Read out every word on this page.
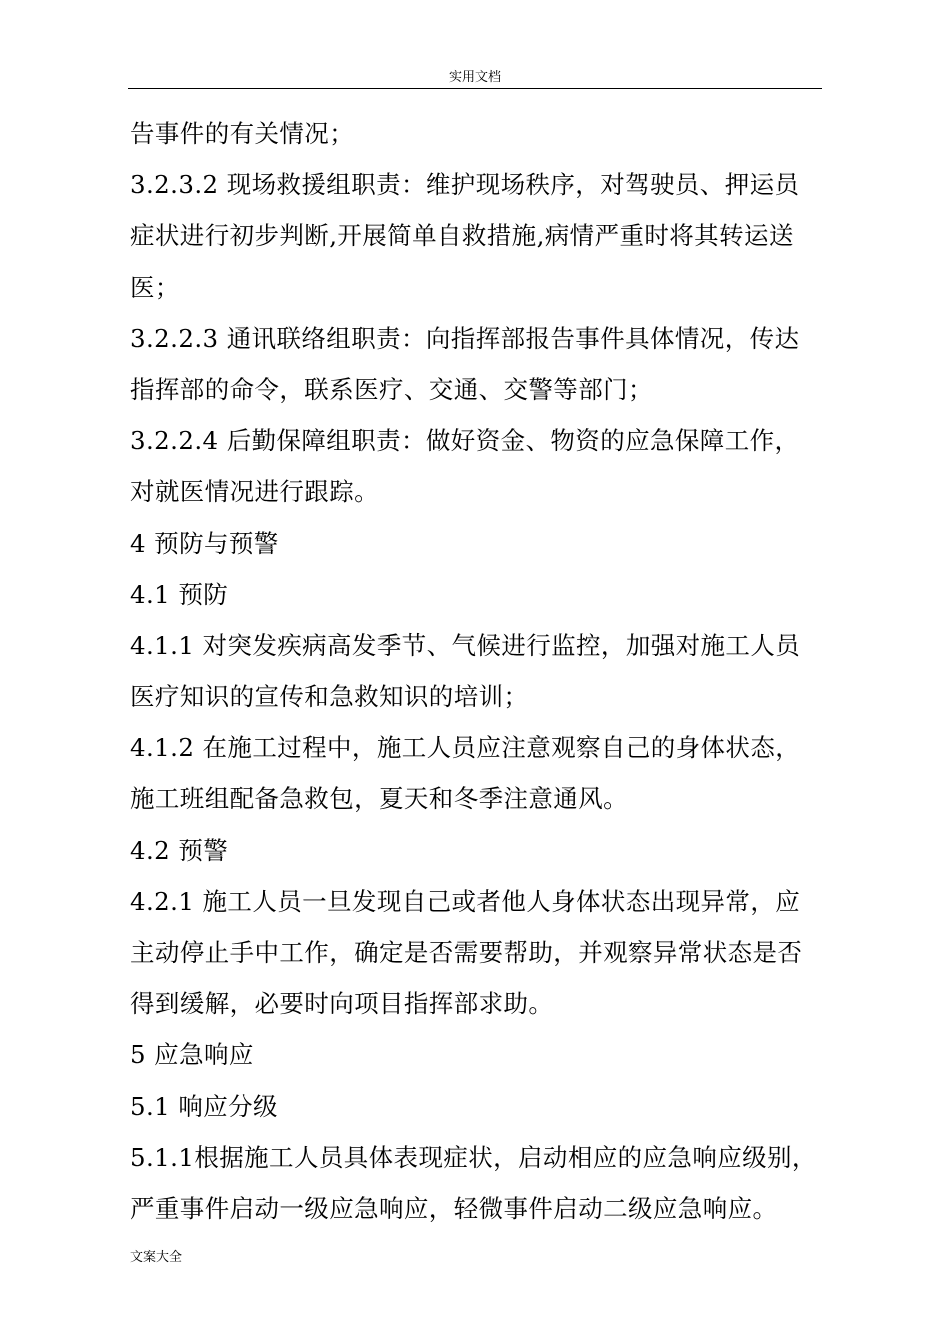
实用文档
告事件的有关情况；
3.2.3.2 现场救援组职责：维护现场秩序，对驾驶员、押运员
症状进行初步判断,开展简单自救措施,病情严重时将其转运送
医；
3.2.2.3 通讯联络组职责：向指挥部报告事件具体情况，传达
指挥部的命令，联系医疗、交通、交警等部门；
3.2.2.4 后勤保障组职责：做好资金、物资的应急保障工作，
对就医情况进行跟踪。
4 预防与预警
4.1 预防
4.1.1 对突发疾病高发季节、气候进行监控，加强对施工人员
医疗知识的宣传和急救知识的培训；
4.1.2 在施工过程中，施工人员应注意观察自己的身体状态，
施工班组配备急救包，夏天和冬季注意通风。
4.2 预警
4.2.1 施工人员一旦发现自己或者他人身体状态出现异常，应
主动停止手中工作，确定是否需要帮助，并观察异常状态是否
得到缓解，必要时向项目指挥部求助。
5 应急响应
5.1 响应分级
5.1.1根据施工人员具体表现症状，启动相应的应急响应级别，
严重事件启动一级应急响应，轻微事件启动二级应急响应。
文案大全
